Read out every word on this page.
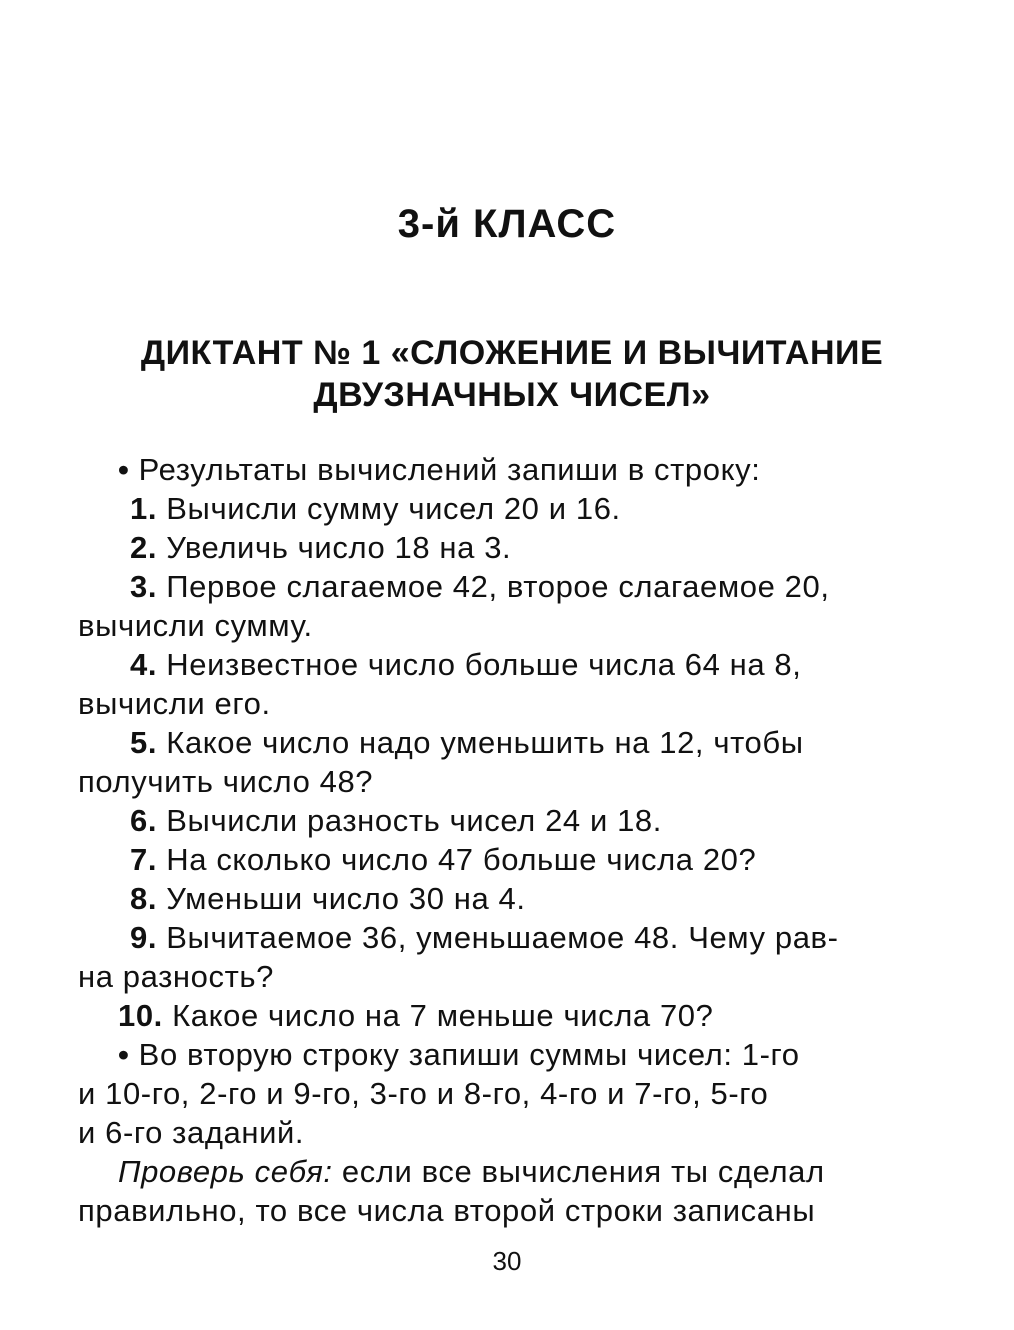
3-й КЛАСС
ДИКТАНТ № 1 «СЛОЖЕНИЕ И ВЫЧИТАНИЕ
ДВУЗНАЧНЫХ ЧИСЕЛ»
• Результаты вычислений запиши в строку:
1. Вычисли сумму чисел 20 и 16.
2. Увеличь число 18 на 3.
3. Первое слагаемое 42, второе слагаемое 20,
вычисли сумму.
4. Неизвестное число больше числа 64 на 8,
вычисли его.
5. Какое число надо уменьшить на 12, чтобы
получить число 48?
6. Вычисли разность чисел 24 и 18.
7. На сколько число 47 больше числа 20?
8. Уменьши число 30 на 4.
9. Вычитаемое 36, уменьшаемое 48. Чему рав-
на разность?
10. Какое число на 7 меньше числа 70?
• Во вторую строку запиши суммы чисел: 1-го
и 10-го, 2-го и 9-го, 3-го и 8-го, 4-го и 7-го, 5-го
и 6-го заданий.
Проверь себя: если все вычисления ты сделал
правильно, то все числа второй строки записаны
30
